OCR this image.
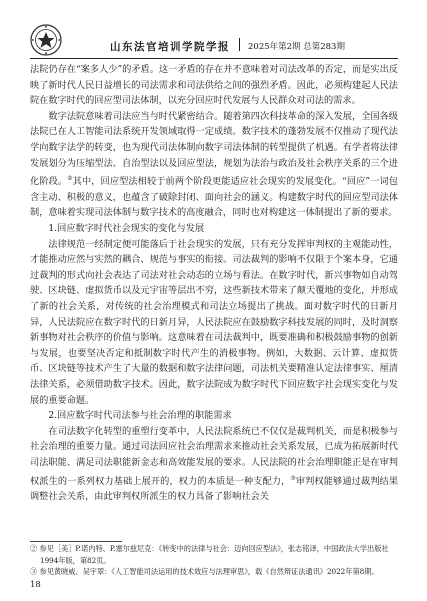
山东法官培训学院学报 2025年第2期 总第283期

法院仍存在“案多人少”的矛盾。这一矛盾的存在并不意味着对司法改革的否定，而是实出反映了新时代人民日益增长的司法需求和司法供给之间的强烈矛盾。因此，必须构建起人民法院在数字时代的回应型司法体制，以充分回应时代发展与人民群众对司法的需求。

数字法院意味着司法应当与时代紧密结合。随着第四次科技革命的深入发展，全国各级法院已在人工智能司法系统开发领域取得一定成绩。数字技术的蓬勃发展不仅推动了现代法学向数字法学的转变，也为现代司法体制向数字司法体制的转型提供了机遇。有学者将法律发展划分为压缩型法、自治型法以及回应型法，规划为法治与政治及社会秩序关系的三个进化阶段。②其中，回应型法相较于前两个阶段更能适应社会现实的发展变化。“回应”一词包含主动、积极的意义，也蕴含了破除封闭、面向社会的涵义。构建数字时代的回应型司法体制，意味着实现司法体制与数字技术的高度融合，同时也对构建这一体制提出了新的要求。

1.回应数字时代社会现实的变化与发展

法律规范一经制定便可能落后于社会现实的发展，只有充分发挥审判权的主观能动性，才能推动应然与实然的耦合、规范与事实的衔接。司法裁判的影响不仅限于个案本身，它通过裁判的形式向社会表达了司法对社会动态的立场与看法。在数字时代，新兴事物如自动驾驶、区块链、虚拟货币以及元宇宙等层出不穷，这些新技术带来了颠天覆地的变化，并形成了新的社会关系，对传统的社会治理模式和司法立场提出了挑战。面对数字时代的日新月异，人民法院应在数字时代的日新月异，人民法院应在鼓励数字科技发展的同时，及时洞察新事物对社会秩序的价值与影响。这意味着在司法裁判中，既要准确和积极鼓励事物的创新与发展，也要坚决否定和抵制数字时代产生的消极事物。例如，大数据、云计算、虚拟货币、区块链等技术产生了大量的数据和数字法律问题，司法机关要精准认定法律事实、厘清法律关系，必须借助数字技术。因此，数字法院成为数字时代下回应数字社会现实变化与发展的重要命题。

2.回应数字时代司法参与社会治理的职能需求

在司法数字化转型的重塑行变革中，人民法院系统已不仅仅是裁判机关，而是积极参与社会治理的重要力量。通过司法回应社会治理需求来推动社会关系发展，已成为拓展新时代司法职能、满足司法职能新金志和高效能发展的要求。人民法院的社会治理职能正是在审判权派生的一系列权力基础上展开的，权力的本质是一种支配力，③审判权能够通过裁判结果调整社会关系，由此审判权所派生的权力具备了影响社会关

② 参见［美］P.诺内特、P.塞尔兹尼克：《转变中的法律与社会：迈向回应型法》，张志铭译，中国政法大学出版社1994年版，第82页。

③ 参见黄晓威、吴宇翠：《人工智能司法运用的技术效应与法理审思》，载《自然辩证法通讯》2022年第8期。

18
